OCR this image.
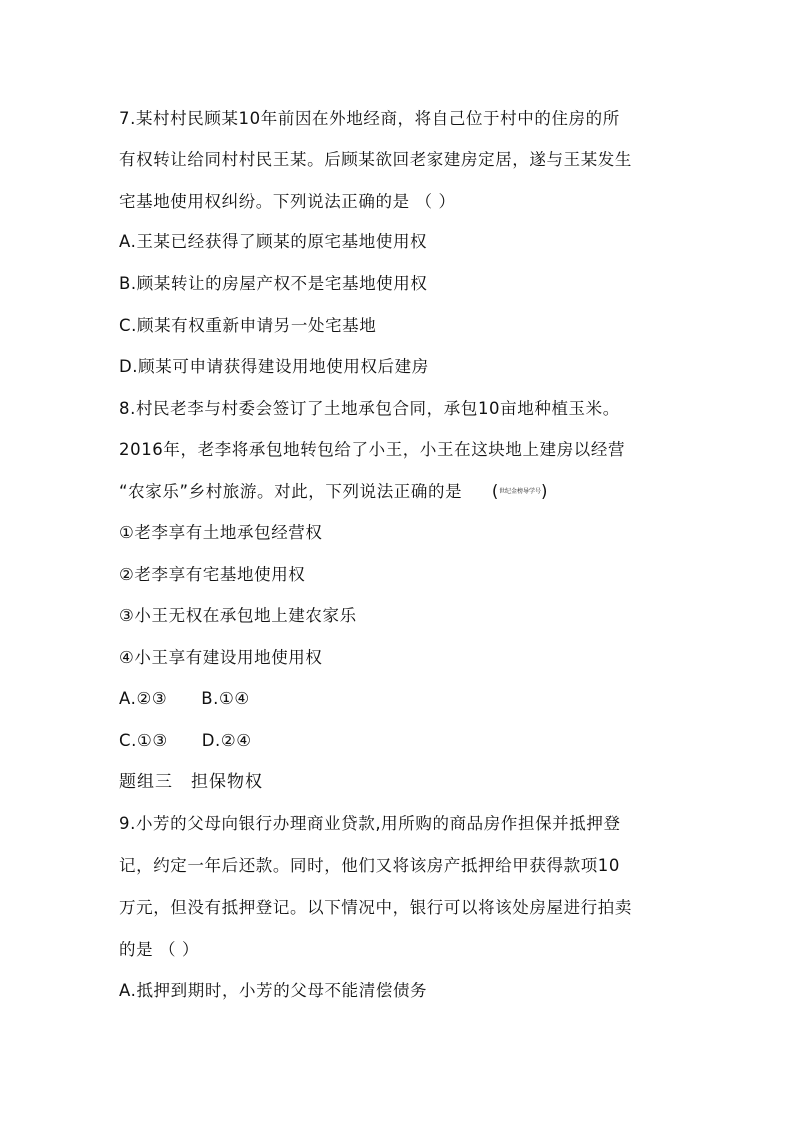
7.某村村民顾某10年前因在外地经商，将自己位于村中的住房的所
有权转让给同村村民王某。后顾某欲回老家建房定居，遂与王某发生
宅基地使用权纠纷。下列说法正确的是 （ ）
A.王某已经获得了顾某的原宅基地使用权
B.顾某转让的房屋产权不是宅基地使用权
C.顾某有权重新申请另一处宅基地
D.顾某可申请获得建设用地使用权后建房
8.村民老李与村委会签订了土地承包合同，承包10亩地种植玉米。
2016年，老李将承包地转包给了小王，小王在这块地上建房以经营
“农家乐”乡村旅游。对此，下列说法正确的是 (世纪金榜导学号)
①老李享有土地承包经营权
②老李享有宅基地使用权
③小王无权在承包地上建农家乐
④小王享有建设用地使用权
A.②③ B.①④
C.①③ D.②④
题组三　担保物权
9.小芳的父母向银行办理商业贷款,用所购的商品房作担保并抵押登
记，约定一年后还款。同时，他们又将该房产抵押给甲获得款项10
万元，但没有抵押登记。以下情况中，银行可以将该处房屋进行拍卖
的是 （ ）
A.抵押到期时，小芳的父母不能清偿债务
